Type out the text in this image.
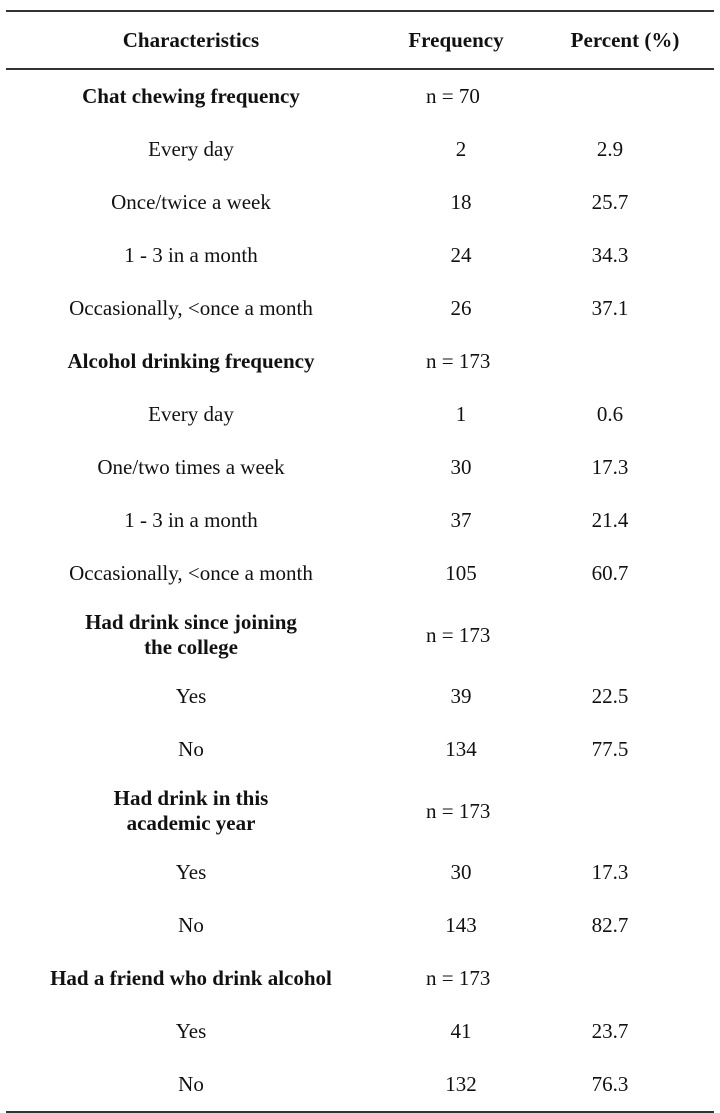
Characteristics	Frequency	Percent (%)
Chat chewing frequency	n = 70	
Every day	2	2.9
Once/twice a week	18	25.7
1 - 3 in a month	24	34.3
Occasionally, <once a month	26	37.1
Alcohol drinking frequency	n = 173	
Every day	1	0.6
One/two times a week	30	17.3
1 - 3 in a month	37	21.4
Occasionally, <once a month	105	60.7
Had drink since joining
the college	n = 173	
Yes	39	22.5
No	134	77.5
Had drink in this
academic year	n = 173	
Yes	30	17.3
No	143	82.7
Had a friend who drink alcohol	n = 173	
Yes	41	23.7
No	132	76.3
